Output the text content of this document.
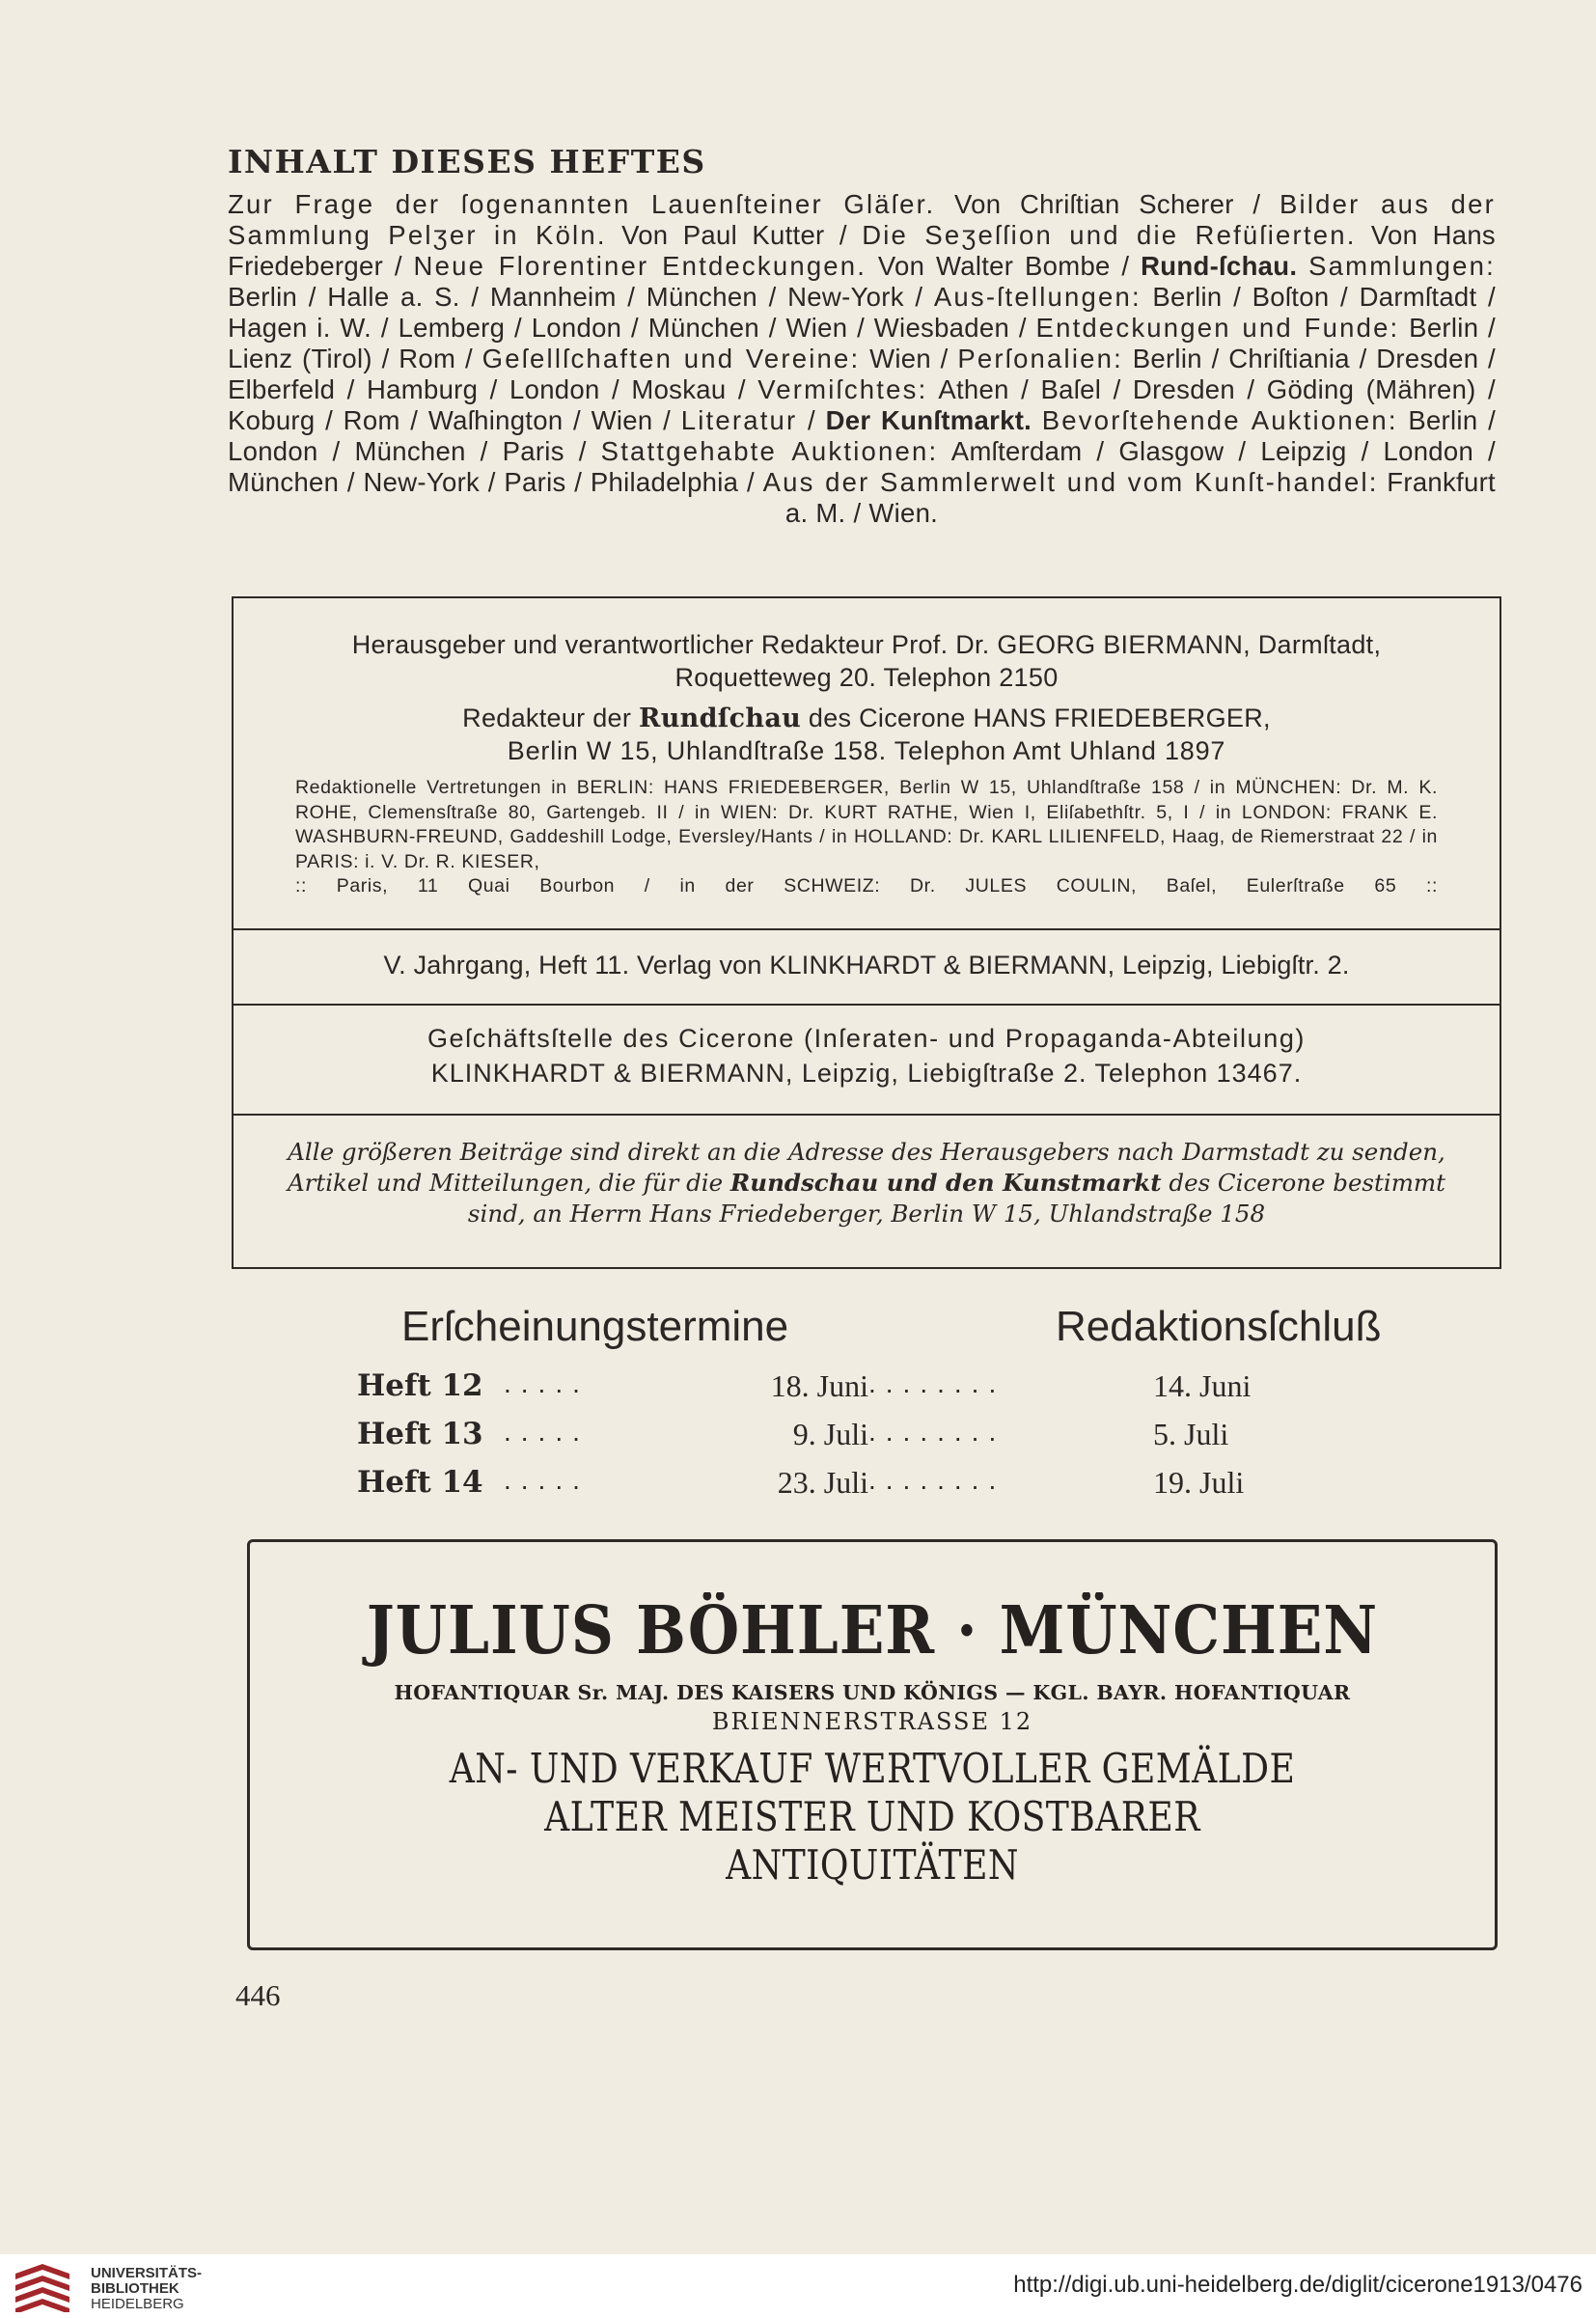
INHALT DIESES HEFTES
Zur Frage der ſogenannten Lauenſteiner Gläſer. Von Chriſtian Scherer / Bilder aus der Sammlung Pelʒer in Köln. Von Paul Kutter / Die Seʒeſſion und die Refüſierten. Von Hans Friedeberger / Neue Florentiner Entdeckungen. Von Walter Bombe / Rund-ſchau. Sammlungen: Berlin / Halle a. S. / Mannheim / München / New-York / Aus-ſtellungen: Berlin / Boſton / Darmſtadt / Hagen i. W. / Lemberg / London / München / Wien / Wiesbaden / Entdeckungen und Funde: Berlin / Lienz (Tirol) / Rom / Geſellſchaften und Vereine: Wien / Perſonalien: Berlin / Chriſtiania / Dresden / Elberfeld / Hamburg / London / Moskau / Vermiſchtes: Athen / Baſel / Dresden / Göding (Mähren) / Koburg / Rom / Waſhington / Wien / Literatur / Der Kunſtmarkt. Bevorſtehende Auktionen: Berlin / London / München / Paris / Stattgehabte Auktionen: Amſterdam / Glasgow / Leipzig / London / München / New-York / Paris / Philadelphia / Aus der Sammlerwelt und vom Kunſt-handel: Frankfurt a. M. / Wien.
Herausgeber und verantwortlicher Redakteur Prof. Dr. GEORG BIERMANN, Darmſtadt,
Roquetteweg 20. Telephon 2150
Redakteur der Rundſchau des Cicerone HANS FRIEDEBERGER,
Berlin W 15, Uhlandſtraße 158. Telephon Amt Uhland 1897
Redaktionelle Vertretungen in BERLIN: HANS FRIEDEBERGER, Berlin W 15, Uhlandſtraße 158 / in MÜNCHEN: Dr. M. K. ROHE, Clemensſtraße 80, Gartengeb. II / in WIEN: Dr. KURT RATHE, Wien I, Eliſabethſtr. 5, I / in LONDON: FRANK E. WASHBURN-FREUND, Gaddeshill Lodge, Eversley/Hants / in HOLLAND: Dr. KARL LILIENFELD, Haag, de Riemerstraat 22 / in PARIS: i. V. Dr. R. KIESER,
:: Paris, 11 Quai Bourbon / in der SCHWEIZ: Dr. JULES COULIN, Baſel, Eulerſtraße 65 ::
V. Jahrgang, Heft 11. Verlag von KLINKHARDT & BIERMANN, Leipzig, Liebigſtr. 2.
Geſchäftsſtelle des Cicerone (Inſeraten- und Propaganda-Abteilung)
KLINKHARDT & BIERMANN, Leipzig, Liebigſtraße 2. Telephon 13467.
Alle größeren Beiträge sind direkt an die Adresse des Herausgebers nach Darmstadt zu senden,
Artikel und Mitteilungen, die für die Rundschau und den Kunstmarkt des Cicerone bestimmt
sind, an Herrn Hans Friedeberger, Berlin W 15, Uhlandstraße 158
Erſcheinungstermine	Redaktionsſchluß
Heft 12 .....	18. Juni ........	14. Juni
Heft 13 .....	9. Juli ........	5. Juli
Heft 14 .....	23. Juli ........	19. Juli
JULIUS BÖHLER · MÜNCHEN
HOFANTIQUAR Sr. MAJ. DES KAISERS UND KÖNIGS — KGL. BAYR. HOFANTIQUAR
BRIENNERSTRASSE 12
AN- UND VERKAUF WERTVOLLER GEMÄLDE
ALTER MEISTER UND KOSTBARER
ANTIQUITÄTEN
446
UNIVERSITÄTS-
BIBLIOTHEK
HEIDELBERG
http://digi.ub.uni-heidelberg.de/diglit/cicerone1913/0476
